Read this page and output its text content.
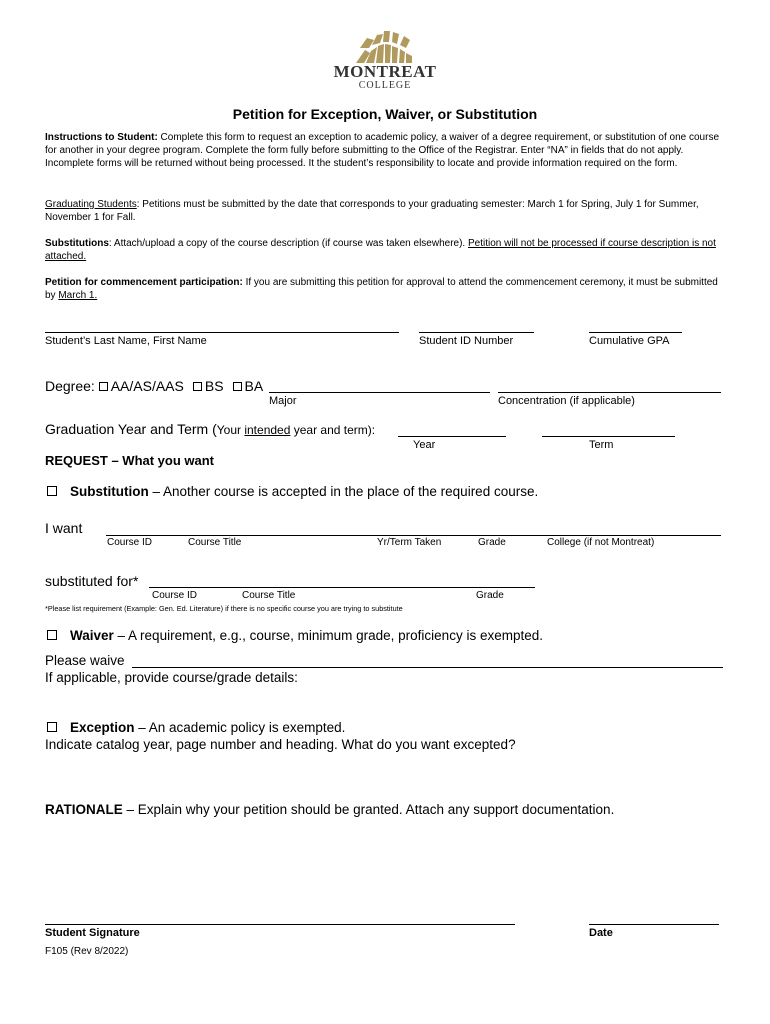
MONTREAT
COLLEGE
Petition for Exception, Waiver, or Substitution
Instructions to Student: Complete this form to request an exception to academic policy, a waiver of a degree requirement, or substitution of one course for another in your degree program. Complete the form fully before submitting to the Office of the Registrar. Enter “NA” in fields that do not apply. Incomplete forms will be returned without being processed. It the student’s responsibility to locate and provide information required on the form.
Graduating Students: Petitions must be submitted by the date that corresponds to your graduating semester: March 1 for Spring, July 1 for Summer, November 1 for Fall.
Substitutions: Attach/upload a copy of the course description (if course was taken elsewhere). Petition will not be processed if course description is not attached.
Petition for commencement participation: If you are submitting this petition for approval to attend the commencement ceremony, it must be submitted by March 1.
Student’s Last Name, First Name	Student ID Number	Cumulative GPA
Degree: AA/AS/AAS BS BA
Major	Concentration (if applicable)
Graduation Year and Term (Your intended year and term):
Year	Term
REQUEST – What you want
Substitution – Another course is accepted in the place of the required course.
I want
Course ID	Course Title	Yr/Term Taken	Grade	College (if not Montreat)
substituted for*
Course ID	Course Title	Grade
*Please list requirement (Example: Gen. Ed. Literature) if there is no specific course you are trying to substitute
Waiver – A requirement, e.g., course, minimum grade, proficiency is exempted.
Please waive
If applicable, provide course/grade details:
Exception – An academic policy is exempted.
Indicate catalog year, page number and heading. What do you want excepted?
RATIONALE – Explain why your petition should be granted. Attach any support documentation.
Student Signature	Date
F105 (Rev 8/2022)
